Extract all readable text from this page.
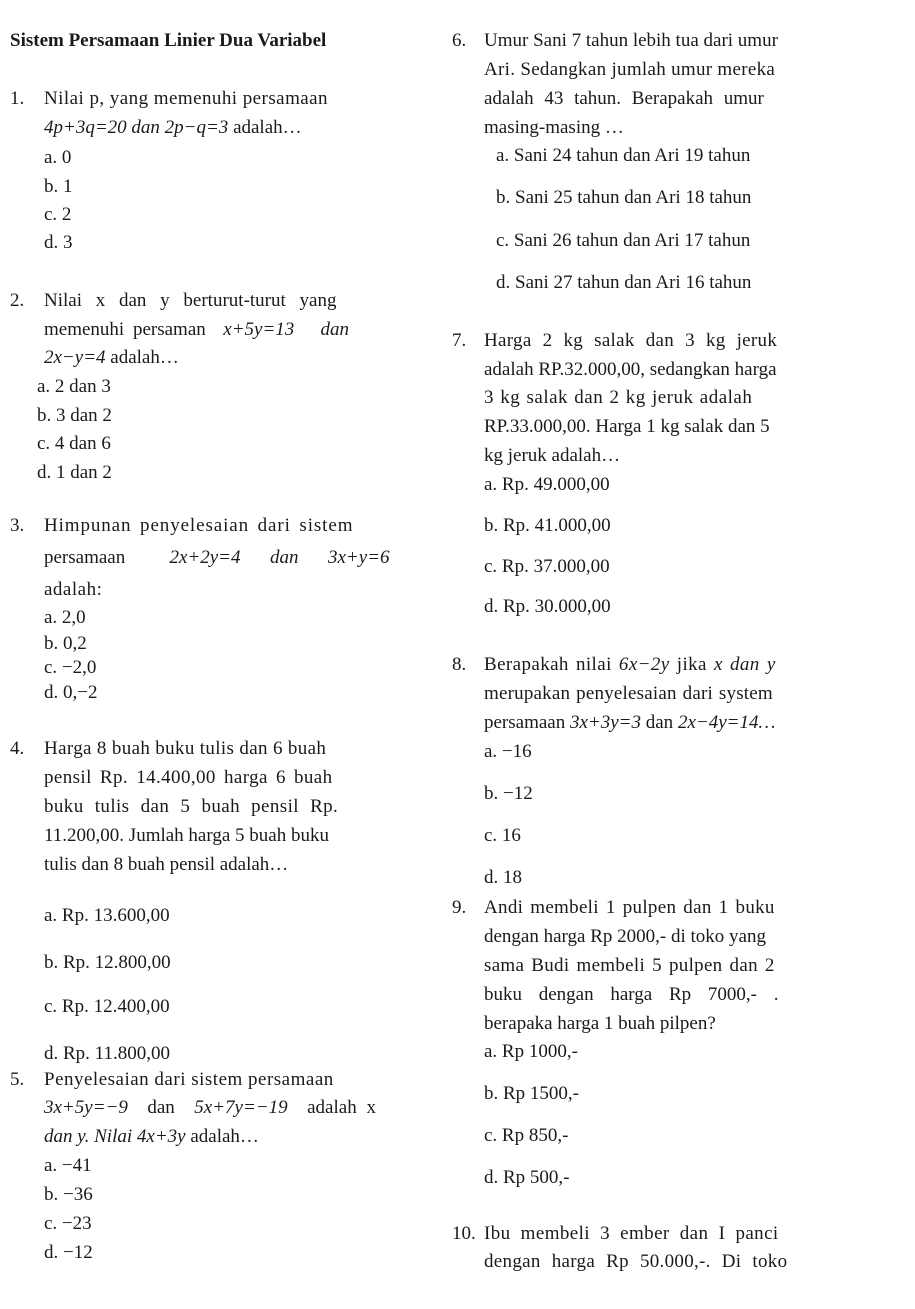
Sistem Persamaan Linier Dua Variabel
1. Nilai p, yang memenuhi persamaan
4p+3q=20 dan 2p−q=3 adalah…
a. 0
b. 1
c. 2
d. 3
2. Nilai x dan y berturut-turut yang
memenuhi persaman x+5y=13 dan
2x−y=4 adalah…
a. 2 dan 3
b. 3 dan 2
c. 4 dan 6
d. 1 dan 2
3. Himpunan penyelesaian dari sistem
persamaan 2x+2y=4 dan 3x+y=6
adalah:
a. 2,0
b. 0,2
c. −2,0
d. 0,−2
4. Harga 8 buah buku tulis dan 6 buah
pensil Rp. 14.400,00 harga 6 buah
buku tulis dan 5 buah pensil Rp.
11.200,00. Jumlah harga 5 buah buku
tulis dan 8 buah pensil adalah…
a. Rp. 13.600,00
b. Rp. 12.800,00
c. Rp. 12.400,00
d. Rp. 11.800,00
5. Penyelesaian dari sistem persamaan
3x+5y=−9 dan 5x+7y=−19 adalah x
dan y. Nilai 4x+3y adalah…
a. −41
b. −36
c. −23
d. −12
6. Umur Sani 7 tahun lebih tua dari umur
Ari. Sedangkan jumlah umur mereka
adalah 43 tahun. Berapakah umur
masing-masing …
a. Sani 24 tahun dan Ari 19 tahun
b. Sani 25 tahun dan Ari 18 tahun
c. Sani 26 tahun dan Ari 17 tahun
d. Sani 27 tahun dan Ari 16 tahun
7. Harga 2 kg salak dan 3 kg jeruk
adalah RP.32.000,00, sedangkan harga
3 kg salak dan 2 kg jeruk adalah
RP.33.000,00. Harga 1 kg salak dan 5
kg jeruk adalah…
a. Rp. 49.000,00
b. Rp. 41.000,00
c. Rp. 37.000,00
d. Rp. 30.000,00
8. Berapakah nilai 6x−2y jika x dan y
merupakan penyelesaian dari system
persamaan 3x+3y=3 dan 2x−4y=14…
a. −16
b. −12
c. 16
d. 18
9. Andi membeli 1 pulpen dan 1 buku
dengan harga Rp 2000,- di toko yang
sama Budi membeli 5 pulpen dan 2
buku dengan harga Rp 7000,- .
berapaka harga 1 buah pilpen?
a. Rp 1000,-
b. Rp 1500,-
c. Rp 850,-
d. Rp 500,-
10. Ibu membeli 3 ember dan I panci
dengan harga Rp 50.000,-. Di toko
